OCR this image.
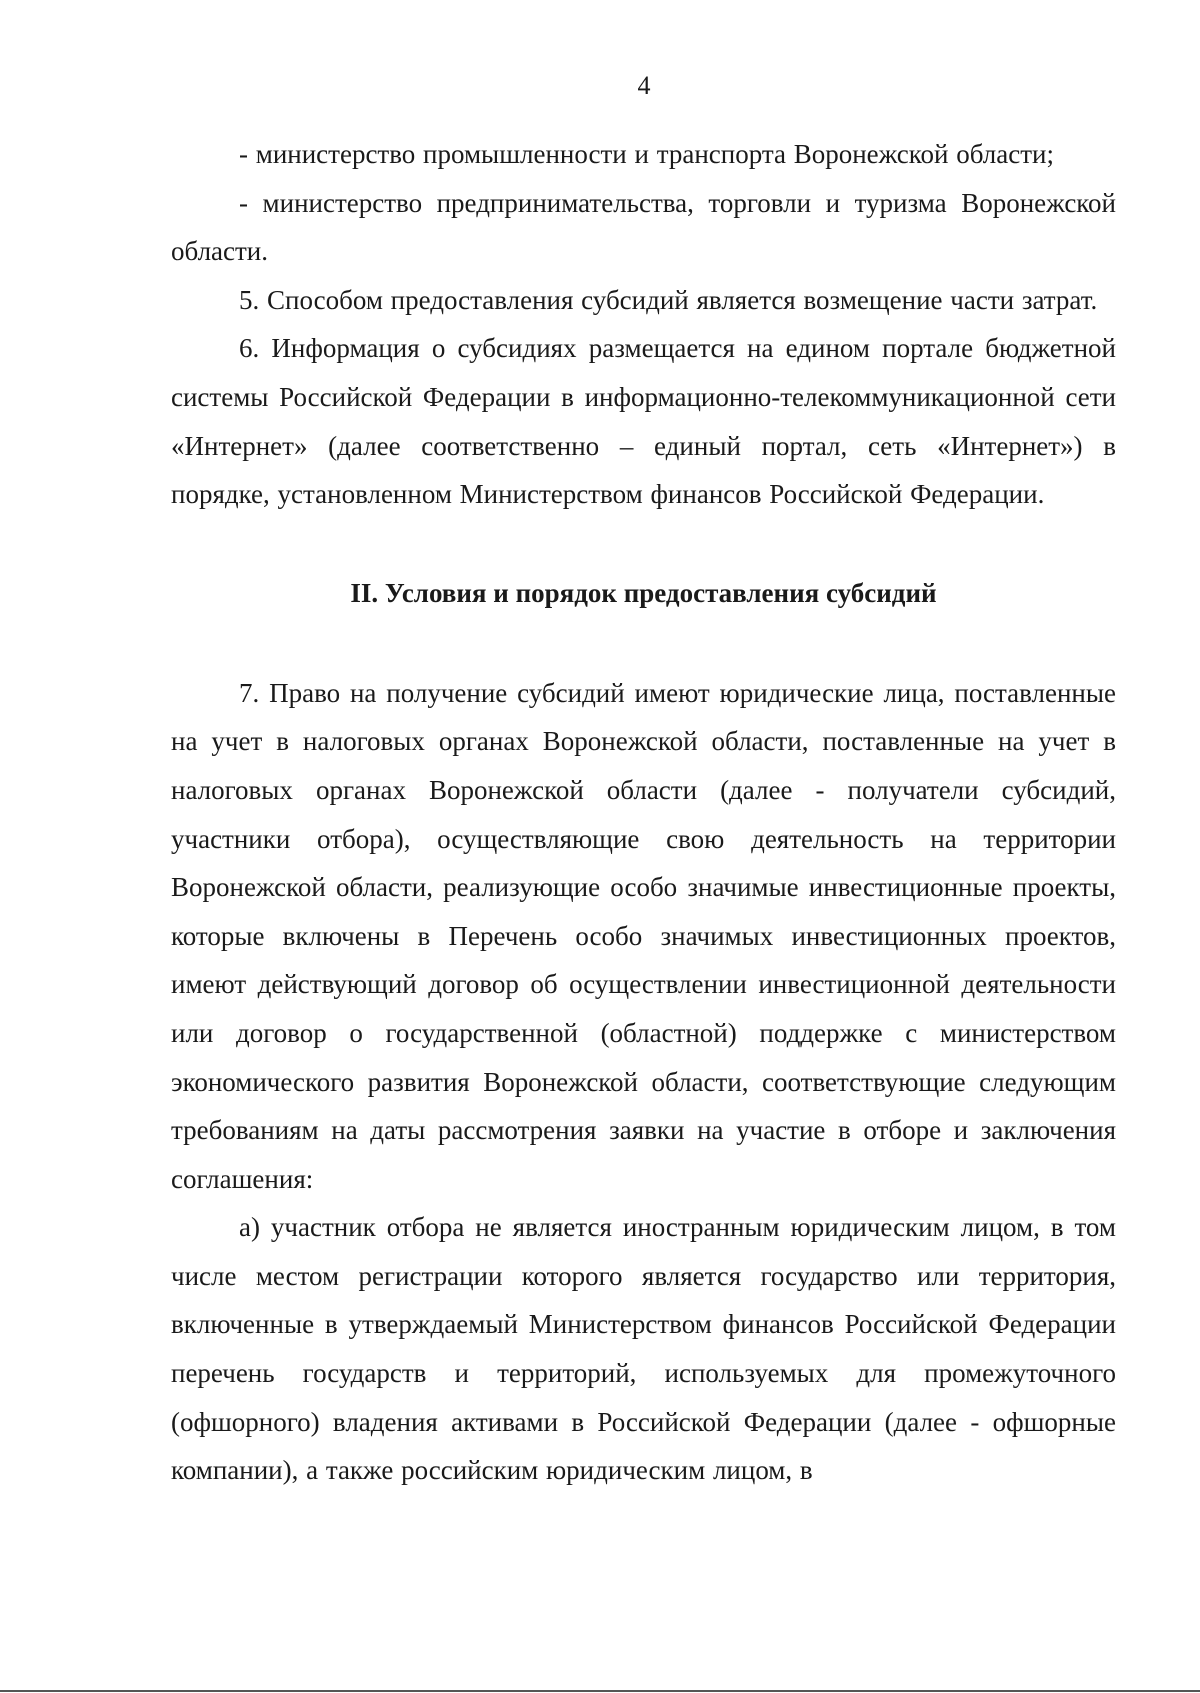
4

- министерство промышленности и транспорта Воронежской области;

- министерство предпринимательства, торговли и туризма Воронежской области.

5. Способом предоставления субсидий является возмещение части затрат.

6. Информация о субсидиях размещается на едином портале бюджетной системы Российской Федерации в информационно-телекоммуникационной сети «Интернет» (далее соответственно – единый портал, сеть «Интернет») в порядке, установленном Министерством финансов Российской Федерации.

II. Условия и порядок предоставления субсидий

7. Право на получение субсидий имеют юридические лица, поставленные на учет в налоговых органах Воронежской области, поставленные на учет в налоговых органах Воронежской области (далее - получатели субсидий, участники отбора), осуществляющие свою деятельность на территории Воронежской области, реализующие особо значимые инвестиционные проекты, которые включены в Перечень особо значимых инвестиционных проектов, имеют действующий договор об осуществлении инвестиционной деятельности или договор о государственной (областной) поддержке с министерством экономического развития Воронежской области, соответствующие следующим требованиям на даты рассмотрения заявки на участие в отборе и заключения соглашения:

а) участник отбора не является иностранным юридическим лицом, в том числе местом регистрации которого является государство или территория, включенные в утверждаемый Министерством финансов Российской Федерации перечень государств и территорий, используемых для промежуточного (офшорного) владения активами в Российской Федерации (далее - офшорные компании), а также российским юридическим лицом, в
